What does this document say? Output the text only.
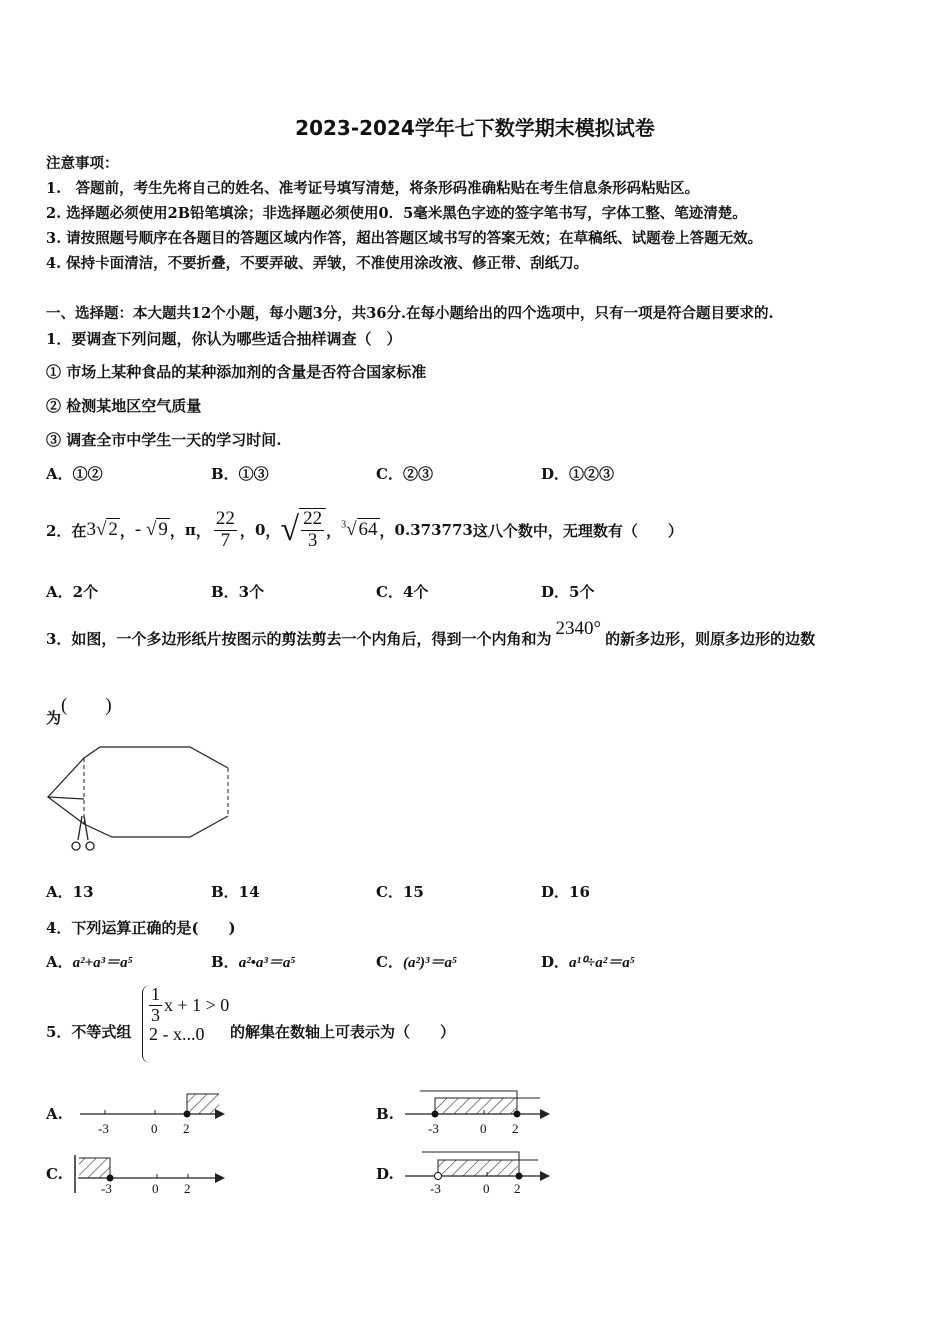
2023-2024学年七下数学期末模拟试卷
注意事项：
1.　答题前，考生先将自己的姓名、准考证号填写清楚，将条形码准确粘贴在考生信息条形码粘贴区。
2. 选择题必须使用2B铅笔填涂；非选择题必须使用0．5毫米黑色字迹的签字笔书写，字体工整、笔迹清楚。
3. 请按照题号顺序在各题目的答题区域内作答，超出答题区域书写的答案无效；在草稿纸、试题卷上答题无效。
4. 保持卡面清洁，不要折叠，不要弄破、弄皱，不准使用涂改液、修正带、刮纸刀。
一、选择题：本大题共12个小题，每小题3分，共36分.在每小题给出的四个选项中，只有一项是符合题目要求的.
1．要调查下列问题，你认为哪些适合抽样调查（　）
① 市场上某种食品的某种添加剂的含量是否符合国家标准
② 检测某地区空气质量
③ 调查全市中学生一天的学习时间.
A．①②	B．①③	C．②③	D．①②③
2．在 3√ 2 ， - √ 9 ， π ， $\frac{22}{7}$ ， 0 ， √ $\frac{22}{3}$ ， $^3$√ 64 ， 0.373773 这八个数中，无理数有（　　）
A．2个	B．3个	C．4个	D．5个
3．如图，一个多边形纸片按图示的剪法剪去一个内角后，得到一个内角和为 2340° 的新多边形，则原多边形的边数
为(　　)
A．13	B．14	C．15	D．16
4．下列运算正确的是(　　)
A．a²+a³＝a⁵	B．a²•a³＝a⁵	C．(a²)³＝a⁵	D．a¹⁰÷a²＝a⁵
5．不等式组
$\frac{1}{3}$ x + 1 > 0
2 - x...0	的解集在数轴上可表示为（　　）
A.
-3	0 2
B.
-3	0 2
C.
-3	0 2
D.
-3	0 2
